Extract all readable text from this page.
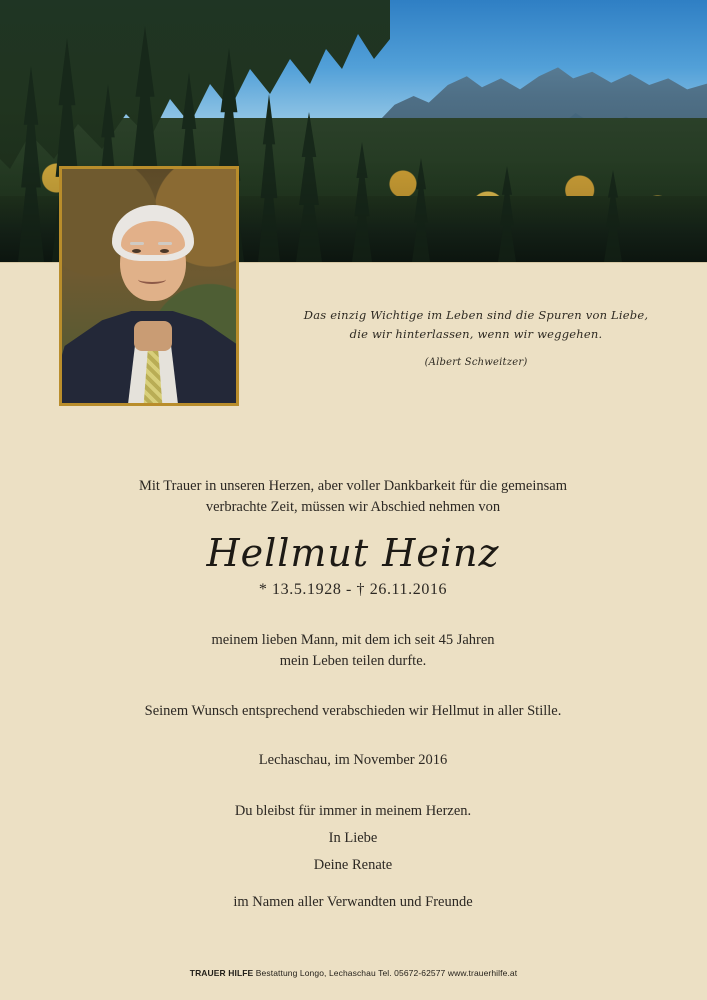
Das einzig Wichtige im Leben sind die Spuren von Liebe,
die wir hinterlassen, wenn wir weggehen.
(Albert Schweitzer)
Mit Trauer in unseren Herzen, aber voller Dankbarkeit für die gemeinsam
verbrachte Zeit, müssen wir Abschied nehmen von
Hellmut Heinz
* 13.5.1928 - † 26.11.2016
meinem lieben Mann, mit dem ich seit 45 Jahren
mein Leben teilen durfte.
Seinem Wunsch entsprechend verabschieden wir Hellmut in aller Stille.
Lechaschau, im November 2016
Du bleibst für immer in meinem Herzen.
In Liebe
Deine Renate
im Namen aller Verwandten und Freunde
TRAUER HILFE Bestattung Longo, Lechaschau Tel. 05672-62577 www.trauerhilfe.at
